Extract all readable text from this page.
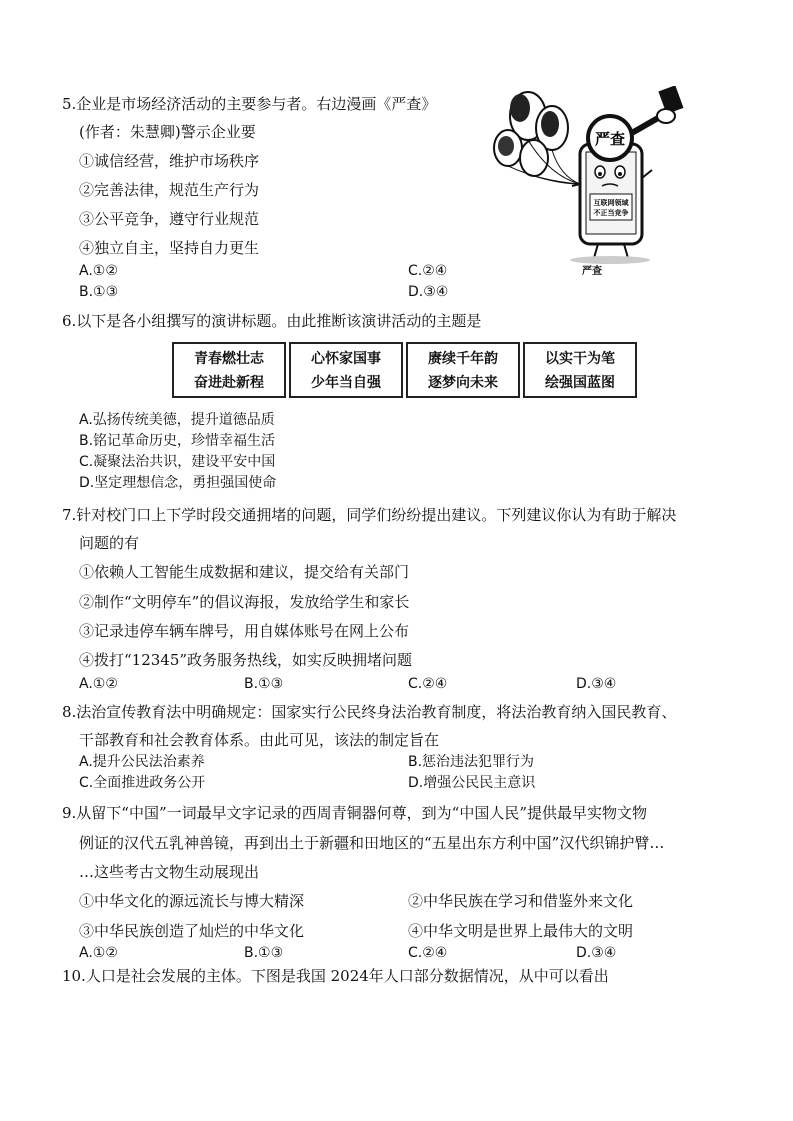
5.企业是市场经济活动的主要参与者。右边漫画《严查》
(作者：朱慧卿)警示企业要
①诚信经营，维护市场秩序
②完善法律，规范生产行为
③公平竞争，遵守行业规范
④独立自主，坚持自力更生
A.①②	C.②④
B.①③	D.③④
互联网领域
不正当竞争
严查
严查
6.以下是各小组撰写的演讲标题。由此推断该演讲活动的主题是
青春燃壮志
奋进赴新程
心怀家国事
少年当自强
赓续千年韵
逐梦向未来
以实干为笔
绘强国蓝图
A.弘扬传统美德，提升道德品质
B.铭记革命历史，珍惜幸福生活
C.凝聚法治共识，建设平安中国
D.坚定理想信念，勇担强国使命
7.针对校门口上下学时段交通拥堵的问题，同学们纷纷提出建议。下列建议你认为有助于解决
问题的有
①依赖人工智能生成数据和建议，提交给有关部门
②制作“文明停车”的倡议海报，发放给学生和家长
③记录违停车辆车牌号，用自媒体账号在网上公布
④拨打“12345”政务服务热线，如实反映拥堵问题
A.①②	B.①③	C.②④	D.③④
8.法治宣传教育法中明确规定：国家实行公民终身法治教育制度，将法治教育纳入国民教育、
干部教育和社会教育体系。由此可见，该法的制定旨在
A.提升公民法治素养	B.惩治违法犯罪行为
C.全面推进政务公开	D.增强公民民主意识
9.从留下“中国”一词最早文字记录的西周青铜器何尊，到为“中国人民”提供最早实物文物
例证的汉代五乳神兽镜，再到出土于新疆和田地区的“五星出东方利中国”汉代织锦护臂…
…这些考古文物生动展现出
①中华文化的源远流长与博大精深	②中华民族在学习和借鉴外来文化
③中华民族创造了灿烂的中华文化	④中华文明是世界上最伟大的文明
A.①②	B.①③	C.②④	D.③④
10.人口是社会发展的主体。下图是我国 2024年人口部分数据情况，从中可以看出
